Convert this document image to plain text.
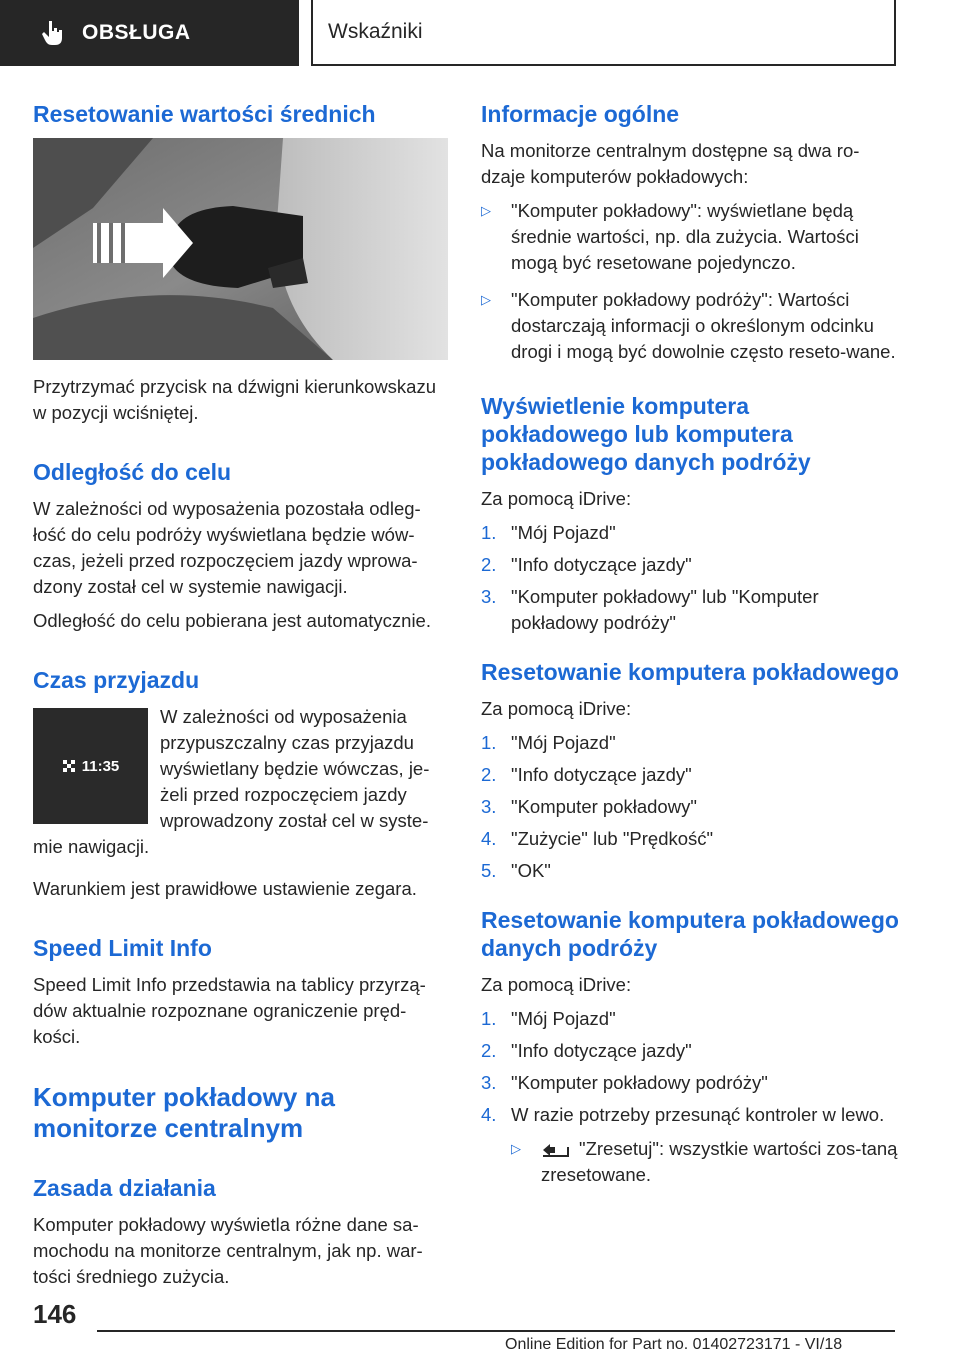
OBSŁUGA	Wskaźniki
Resetowanie wartości średnich

Przytrzymać przycisk na dźwigni kierunkowskazu w pozycji wciśniętej.

Odległość do celu

W zależności od wyposażenia pozostała odleg‐łość do celu podróży wyświetlana będzie wów‐czas, jeżeli przed rozpoczęciem jazdy wprowa‐dzony został cel w systemie nawigacji.

Odległość do celu pobierana jest automatycznie.

Czas przyjazdu
11:35

W zależności od wyposażenia przypuszczalny czas przyjazdu wyświetlany będzie wówczas, je‐żeli przed rozpoczęciem jazdy wprowadzony został cel w syste‐mie nawigacji.

Warunkiem jest prawidłowe ustawienie zegara.

Speed Limit Info

Speed Limit Info przedstawia na tablicy przyrzą‐dów aktualnie rozpoznane ograniczenie pręd‐kości.

Komputer pokładowy na monitorze centralnym
Zasada działania

Komputer pokładowy wyświetla różne dane sa‐mochodu na monitorze centralnym, jak np. war‐tości średniego zużycia.

Informacje ogólne

Na monitorze centralnym dostępne są dwa ro‐dzaje komputerów pokładowych:

▷ "Komputer pokładowy": wyświetlane będą średnie wartości, np. dla zużycia. Wartości mogą być resetowane pojedynczo.
▷ "Komputer pokładowy podróży": Wartości dostarczają informacji o określonym odcinku drogi i mogą być dowolnie często reseto‐wane.
Wyświetlenie komputera pokładowego lub komputera pokładowego danych podróży

Za pomocą iDrive:

1. "Mój Pojazd"
2. "Info dotyczące jazdy"
3. "Komputer pokładowy" lub "Komputer pokładowy podróży"
Resetowanie komputera pokładowego

Za pomocą iDrive:

1. "Mój Pojazd"
2. "Info dotyczące jazdy"
3. "Komputer pokładowy"
4. "Zużycie" lub "Prędkość"
5. "OK"
Resetowanie komputera pokładowego danych podróży

Za pomocą iDrive:

1. "Mój Pojazd"
2. "Info dotyczące jazdy"
3. "Komputer pokładowy podróży"
4. W razie potrzeby przesunąć kontroler w lewo.
▷	"Zresetuj": wszystkie wartości zos‐taną zresetowane.
146
Online Edition for Part no. 01402723171 - VI/18
